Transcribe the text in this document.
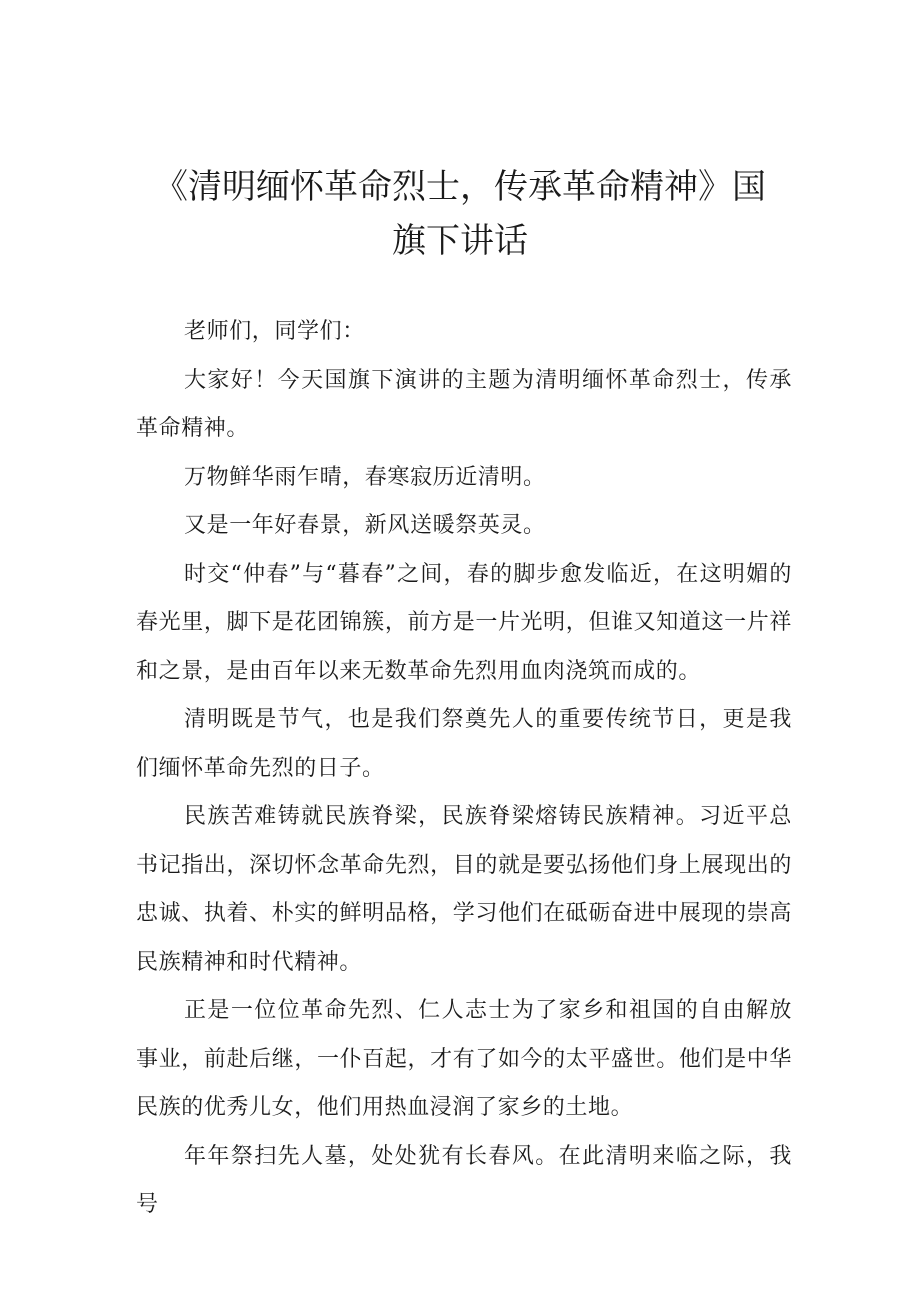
《清明缅怀革命烈士，传承革命精神》国
旗下讲话

老师们，同学们：

大家好！今天国旗下演讲的主题为清明缅怀革命烈士，传承革命精神。

万物鲜华雨乍晴，春寒寂历近清明。

又是一年好春景，新风送暖祭英灵。

时交“仲春”与“暮春”之间，春的脚步愈发临近，在这明媚的春光里，脚下是花团锦簇，前方是一片光明，但谁又知道这一片祥和之景，是由百年以来无数革命先烈用血肉浇筑而成的。

清明既是节气，也是我们祭奠先人的重要传统节日，更是我们缅怀革命先烈的日子。

民族苦难铸就民族脊梁，民族脊梁熔铸民族精神。习近平总书记指出，深切怀念革命先烈，目的就是要弘扬他们身上展现出的忠诚、执着、朴实的鲜明品格，学习他们在砥砺奋进中展现的崇高民族精神和时代精神。

正是一位位革命先烈、仁人志士为了家乡和祖国的自由解放事业，前赴后继，一仆百起，才有了如今的太平盛世。他们是中华民族的优秀儿女，他们用热血浸润了家乡的土地。

年年祭扫先人墓，处处犹有长春风。在此清明来临之际，我号
